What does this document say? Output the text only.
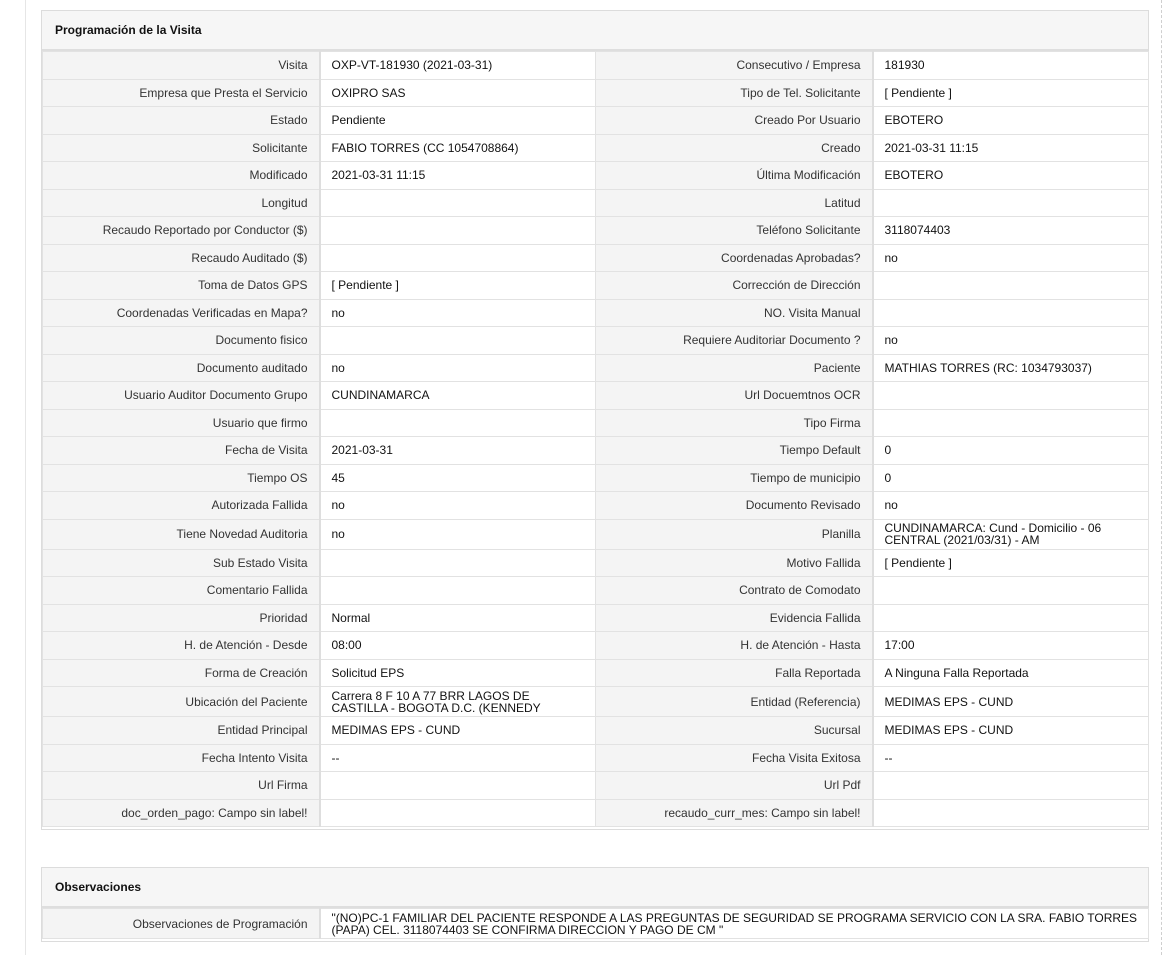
Programación de la Visita
Visita	OXP-VT-181930 (2021-03-31)	Consecutivo / Empresa	181930
Empresa que Presta el Servicio	OXIPRO SAS	Tipo de Tel. Solicitante	[ Pendiente ]
Estado	Pendiente	Creado Por Usuario	EBOTERO
Solicitante	FABIO TORRES (CC 1054708864)	Creado	2021-03-31 11:15
Modificado	2021-03-31 11:15	Última Modificación	EBOTERO
Longitud		Latitud	
Recaudo Reportado por Conductor ($)		Teléfono Solicitante	3118074403
Recaudo Auditado ($)		Coordenadas Aprobadas?	no
Toma de Datos GPS	[ Pendiente ]	Corrección de Dirección	
Coordenadas Verificadas en Mapa?	no	NO. Visita Manual	
Documento fisico		Requiere Auditoriar Documento ?	no
Documento auditado	no	Paciente	MATHIAS TORRES (RC: 1034793037)
Usuario Auditor Documento Grupo	CUNDINAMARCA	Url Docuemtnos OCR	
Usuario que firmo		Tipo Firma	
Fecha de Visita	2021-03-31	Tiempo Default	0
Tiempo OS	45	Tiempo de municipio	0
Autorizada Fallida	no	Documento Revisado	no
Tiene Novedad Auditoria	no	Planilla	CUNDINAMARCA: Cund - Domicilio - 06 CENTRAL (2021/03/31) - AM
Sub Estado Visita		Motivo Fallida	[ Pendiente ]
Comentario Fallida		Contrato de Comodato	
Prioridad	Normal	Evidencia Fallida	
H. de Atención - Desde	08:00	H. de Atención - Hasta	17:00
Forma de Creación	Solicitud EPS	Falla Reportada	A Ninguna Falla Reportada
Ubicación del Paciente	Carrera 8 F 10 A 77 BRR LAGOS DE CASTILLA - BOGOTA D.C. (KENNEDY	Entidad (Referencia)	MEDIMAS EPS - CUND
Entidad Principal	MEDIMAS EPS - CUND	Sucursal	MEDIMAS EPS - CUND
Fecha Intento Visita	--	Fecha Visita Exitosa	--
Url Firma		Url Pdf	
doc_orden_pago: Campo sin label!		recaudo_curr_mes: Campo sin label!	
Observaciones
Observaciones de Programación	"(NO)PC-1 FAMILIAR DEL PACIENTE RESPONDE A LAS PREGUNTAS DE SEGURIDAD SE PROGRAMA SERVICIO CON LA SRA. FABIO TORRES (PAPA) CEL. 3118074403 SE CONFIRMA DIRECCION Y PAGO DE CM "
